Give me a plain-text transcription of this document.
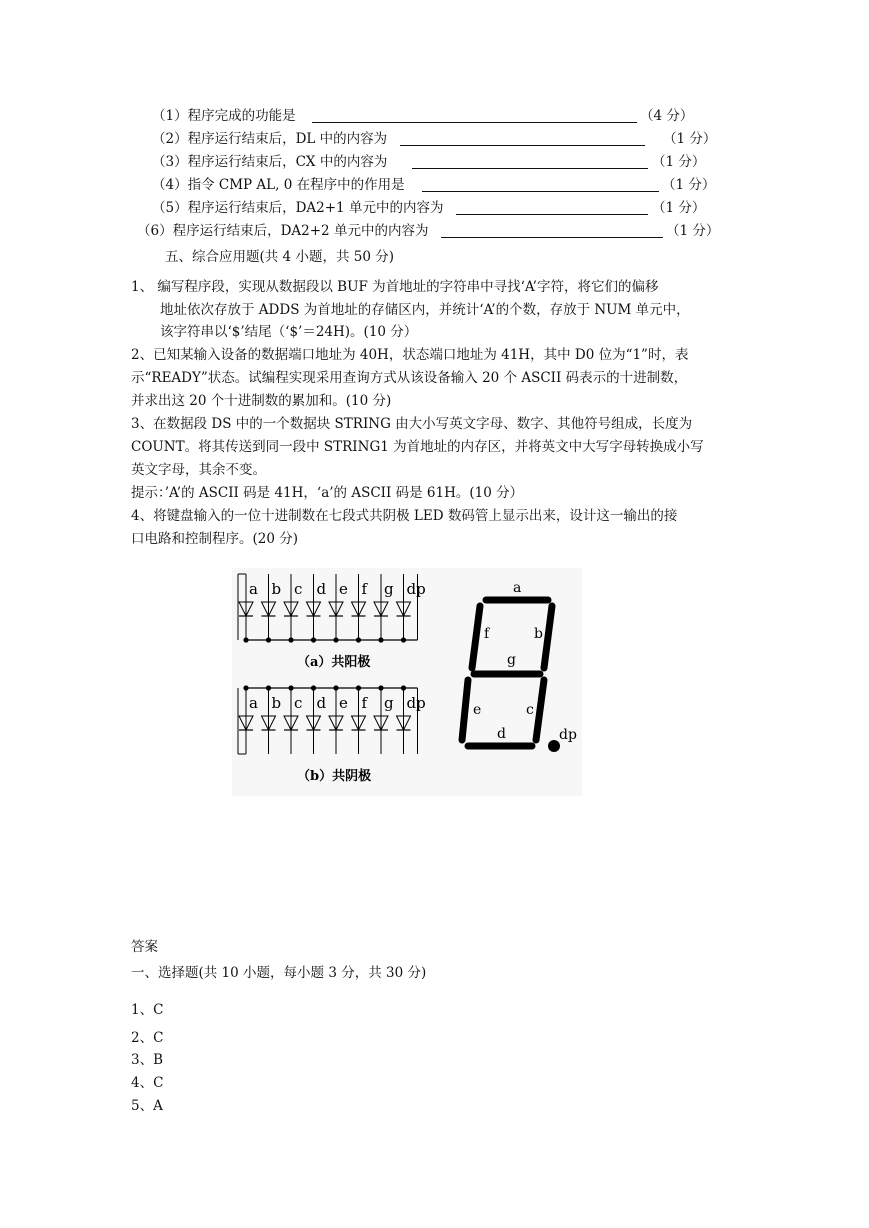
（1）程序完成的功能是	（4 分）
（2）程序运行结束后，DL 中的内容为	（1 分）
（3）程序运行结束后，CX 中的内容为	（1 分）
（4）指令 CMP AL, 0 在程序中的作用是	（1 分）
（5）程序运行结束后，DA2+1 单元中的内容为	（1 分）
（6）程序运行结束后，DA2+2 单元中的内容为	（1 分）
五、综合应用题(共 4 小题，共 50 分)
1、 编写程序段，实现从数据段以 BUF 为首地址的字符串中寻找‘A’字符，将它们的偏移
地址依次存放于 ADDS 为首地址的存储区内，并统计‘A’的个数，存放于 NUM 单元中，
该字符串以‘$’结尾（‘$’＝24H)。(10 分）
2、已知某输入设备的数据端口地址为 40H，状态端口地址为 41H，其中 D0 位为“1”时，表
示“READY”状态。试编程实现采用查询方式从该设备输入 20 个 ASCII 码表示的十进制数，
并求出这 20 个十进制数的累加和。(10 分)
3、在数据段 DS 中的一个数据块 STRING 由大小写英文字母、数字、其他符号组成，长度为
COUNT。将其传送到同一段中 STRING1 为首地址的内存区，并将英文中大写字母转换成小写
英文字母，其余不变。
提示：’A’的 ASCII 码是 41H，‘a’的 ASCII 码是 61H。(10 分）
4、将键盘输入的一位十进制数在七段式共阴极 LED 数码管上显示出来，设计这一输出的接
口电路和控制程序。(20 分)
a b c d e f g dp
a b c d e f g dp
（a）共阳极
（b）共阴极
a
f	b
g
e	c
d	dp
答案
一、选择题(共 10 小题，每小题 3 分，共 30 分)
1、C
2、C
3、B
4、C
5、A
